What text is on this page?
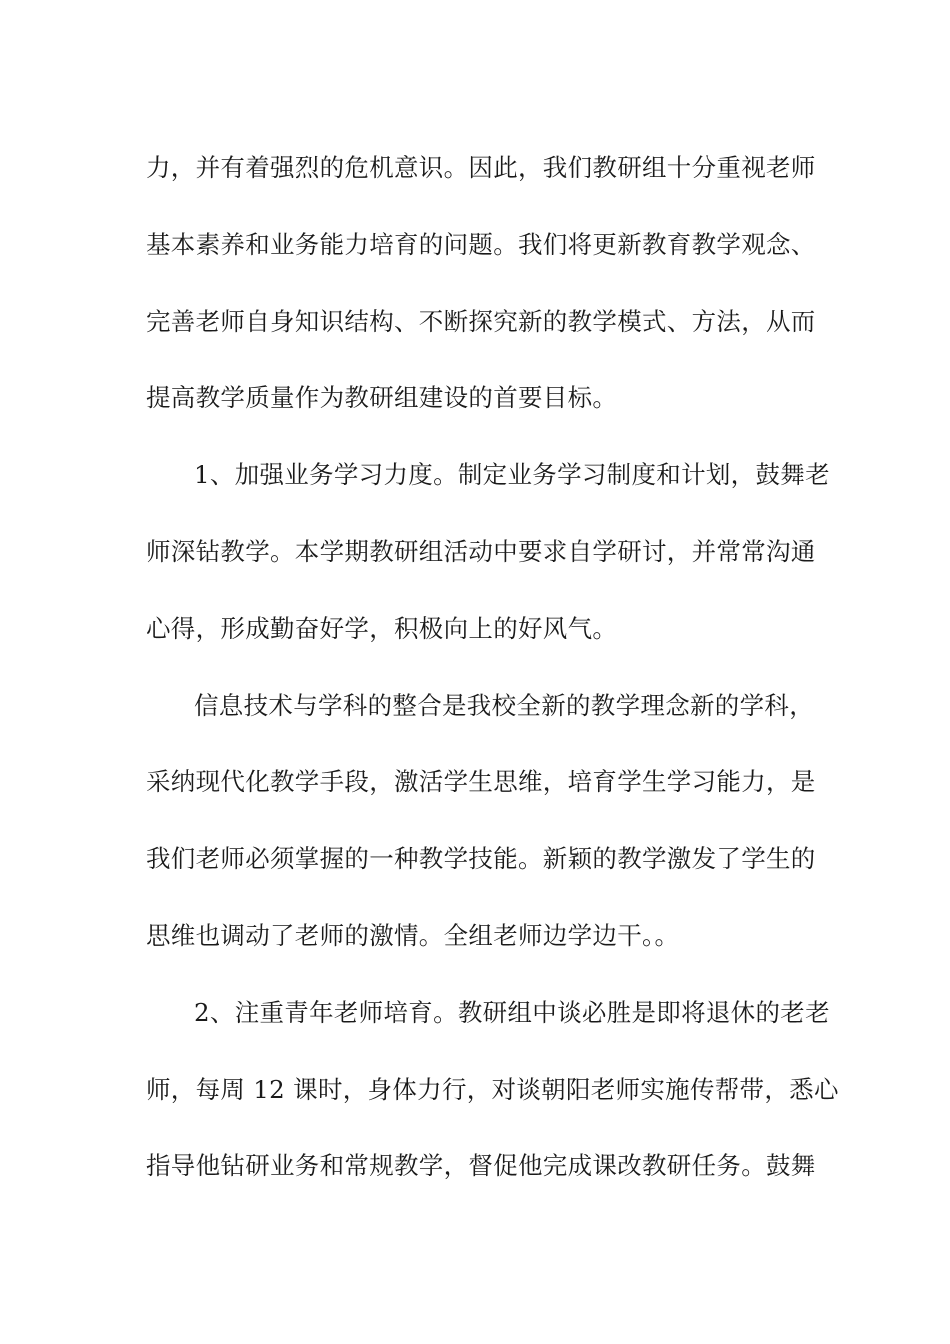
力，并有着强烈的危机意识。因此，我们教研组十分重视老师
基本素养和业务能力培育的问题。我们将更新教育教学观念、
完善老师自身知识结构、不断探究新的教学模式、方法，从而
提高教学质量作为教研组建设的首要目标。
1、加强业务学习力度。制定业务学习制度和计划，鼓舞老
师深钻教学。本学期教研组活动中要求自学研讨，并常常沟通
心得，形成勤奋好学，积极向上的好风气。
信息技术与学科的整合是我校全新的教学理念新的学科，
采纳现代化教学手段，激活学生思维，培育学生学习能力，是
我们老师必须掌握的一种教学技能。新颖的教学激发了学生的
思维也调动了老师的激情。全组老师边学边干。。
2、注重青年老师培育。教研组中谈必胜是即将退休的老老
师，每周 12 课时，身体力行，对谈朝阳老师实施传帮带，悉心
指导他钻研业务和常规教学，督促他完成课改教研任务。鼓舞
